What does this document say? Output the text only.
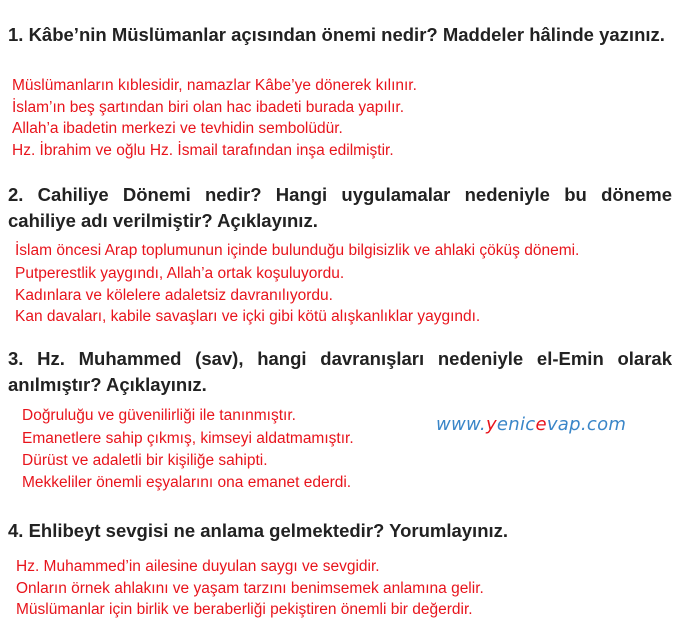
1. Kâbe’nin Müslümanlar açısından önemi nedir? Maddeler hâlinde yazınız.
Müslümanların kıblesidir, namazlar Kâbe’ye dönerek kılınır.
İslam’ın beş şartından biri olan hac ibadeti burada yapılır.
Allah’a ibadetin merkezi ve tevhidin sembolüdür.
Hz. İbrahim ve oğlu Hz. İsmail tarafından inşa edilmiştir.
2. Cahiliye Dönemi nedir? Hangi uygulamalar nedeniyle bu döneme cahiliye adı verilmiştir? Açıklayınız.
İslam öncesi Arap toplumunun içinde bulunduğu bilgisizlik ve ahlaki çöküş dönemi.
Putperestlik yaygındı, Allah’a ortak koşuluyordu.
Kadınlara ve kölelere adaletsiz davranılıyordu.
Kan davaları, kabile savaşları ve içki gibi kötü alışkanlıklar yaygındı.
3. Hz. Muhammed (sav), hangi davranışları nedeniyle el-Emin olarak anılmıştır? Açıklayınız.
Doğruluğu ve güvenilirliği ile tanınmıştır.
Emanetlere sahip çıkmış, kimseyi aldatmamıştır.
Dürüst ve adaletli bir kişiliğe sahipti.
Mekkeliler önemli eşyalarını ona emanet ederdi.
www.yenicevap.com
4. Ehlibeyt sevgisi ne anlama gelmektedir? Yorumlayınız.
Hz. Muhammed’in ailesine duyulan saygı ve sevgidir.
Onların örnek ahlakını ve yaşam tarzını benimsemek anlamına gelir.
Müslümanlar için birlik ve beraberliği pekiştiren önemli bir değerdir.
